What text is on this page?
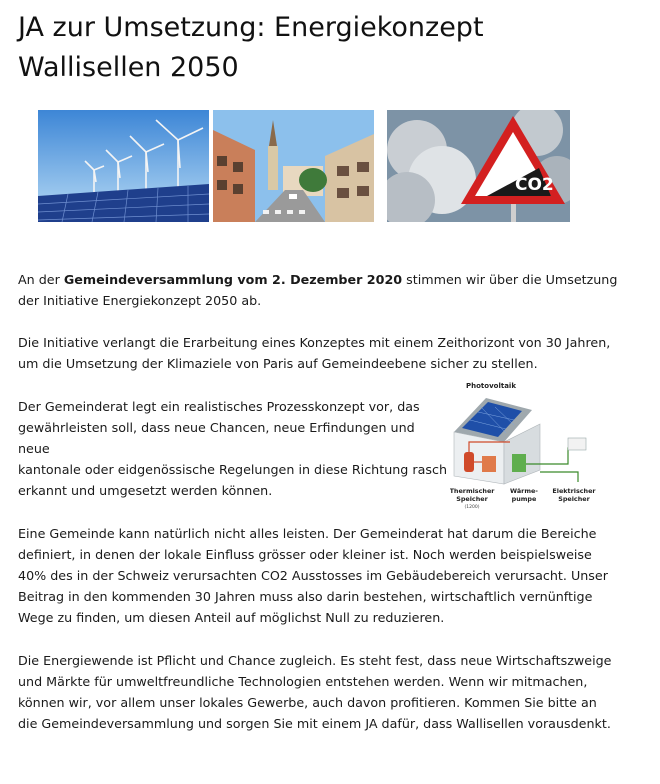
JA zur Umsetzung: Energiekonzept
Wallisellen 2050
CO2
An der Gemeindeversammlung vom 2. Dezember 2020 stimmen wir über die Umsetzung
der Initiative Energiekonzept 2050 ab.
Die Initiative verlangt die Erarbeitung eines Konzeptes mit einem Zeithorizont von 30 Jahren,
um die Umsetzung der Klimaziele von Paris auf Gemeindeebene sicher zu stellen.
Der Gemeinderat legt ein realistisches Prozesskonzept vor, das
gewährleisten soll, dass neue Chancen, neue Erfindungen und neue
kantonale oder eidgenössische Regelungen in diese Richtung rasch
erkannt und umgesetzt werden können.
Photovoltaik
Thermischer
Speicher
Wärme-
pumpe
Elektrischer
Speicher
(1200)
Eine Gemeinde kann natürlich nicht alles leisten. Der Gemeinderat hat darum die Bereiche
definiert, in denen der lokale Einfluss grösser oder kleiner ist. Noch werden beispielsweise
40% des in der Schweiz verursachten CO2 Ausstosses im Gebäudebereich verursacht. Unser
Beitrag in den kommenden 30 Jahren muss also darin bestehen, wirtschaftlich vernünftige
Wege zu finden, um diesen Anteil auf möglichst Null zu reduzieren.
Die Energiewende ist Pflicht und Chance zugleich. Es steht fest, dass neue Wirtschaftszweige
und Märkte für umweltfreundliche Technologien entstehen werden. Wenn wir mitmachen,
können wir, vor allem unser lokales Gewerbe, auch davon profitieren. Kommen Sie bitte an
die Gemeindeversammlung und sorgen Sie mit einem JA dafür, dass Wallisellen vorausdenkt.
